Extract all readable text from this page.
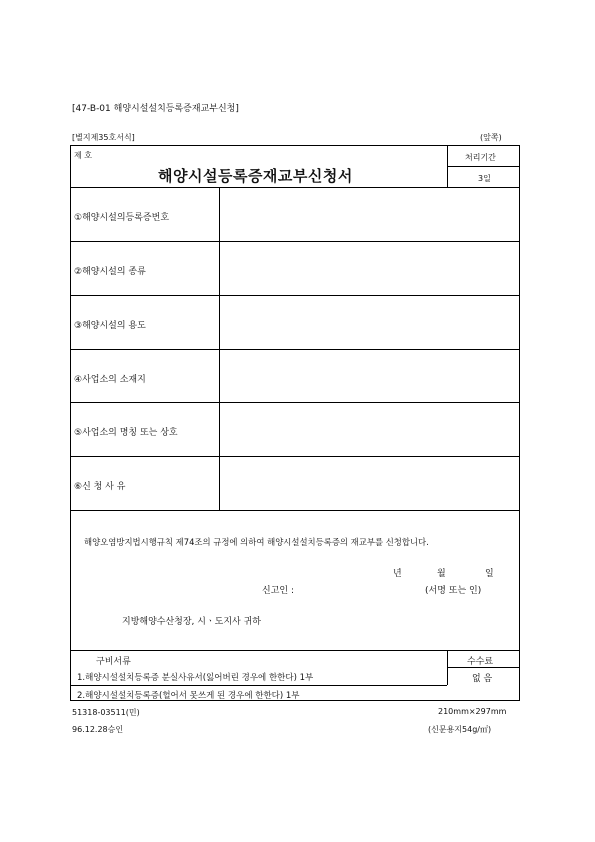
[47-B-01 해양시설설치등록증재교부신청]
[별지제35호서식]	(앞쪽)
제 호
해양시설등록증재교부신청서
처리기간
3일
①해양시설의등록증번호
②해양시설의 종류
③해양시설의 용도
④사업소의 소재지
⑤사업소의 명칭 또는 상호
⑥신 청 사 유
해양오염방지법시행규칙 제74조의 규정에 의하여 해양시설설치등록증의 재교부를 신청합니다.
년	월	일
신고인 :	(서명 또는 인)
지방해양수산청장, 시ㆍ도지사 귀하
구비서류
1.해양시설설치등록증 분실사유서(잃어버린 경우에 한한다) 1부
2.해양시설설치등록증(헐어서 못쓰게 된 경우에 한한다) 1부
수수료
없 음
51318-03511(민)
96.12.28승인
210mm×297mm
(신문용지54g/㎡)
